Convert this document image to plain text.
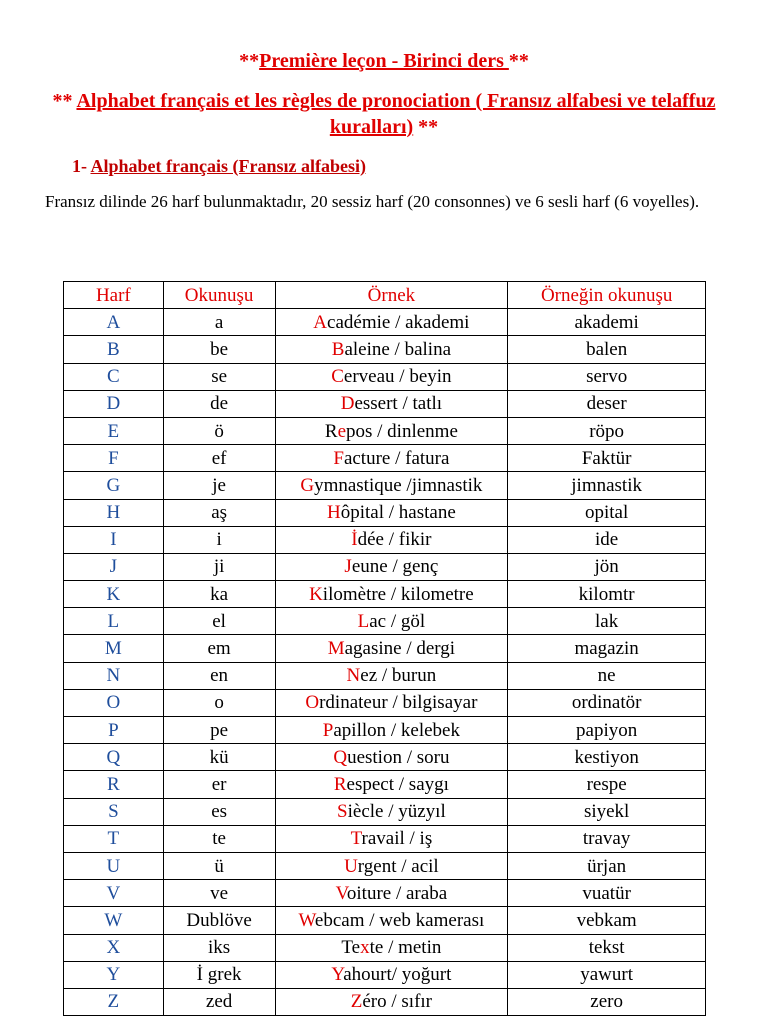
**Première leçon - Birinci ders **
** Alphabet français et les règles de pronociation ( Fransız alfabesi ve telaffuz kuralları) **
1- Alphabet français (Fransız alfabesi)
Fransız dilinde 26 harf bulunmaktadır, 20 sessiz harf (20 consonnes) ve 6 sesli harf (6 voyelles).
Harf	Okunuşu	Örnek	Örneğin okunuşu
A	a	Académie / akademi	akademi
B	be	Baleine / balina	balen
C	se	Cerveau / beyin	servo
D	de	Dessert / tatlı	deser
E	ö	Repos / dinlenme	röpo
F	ef	Facture / fatura	Faktür
G	je	Gymnastique /jimnastik	jimnastik
H	aş	Hôpital / hastane	opital
I	i	İdée / fikir	ide
J	ji	Jeune / genç	jön
K	ka	Kilomètre / kilometre	kilomtr
L	el	Lac / göl	lak
M	em	Magasine / dergi	magazin
N	en	Nez / burun	ne
O	o	Ordinateur / bilgisayar	ordinatör
P	pe	Papillon / kelebek	papiyon
Q	kü	Question / soru	kestiyon
R	er	Respect / saygı	respe
S	es	Siècle / yüzyıl	siyekl
T	te	Travail / iş	travay
U	ü	Urgent / acil	ürjan
V	ve	Voiture / araba	vuatür
W	Dublöve	Webcam / web kamerası	vebkam
X	iks	Texte / metin	tekst
Y	İ grek	Yahourt/ yoğurt	yawurt
Z	zed	Zéro / sıfır	zero
